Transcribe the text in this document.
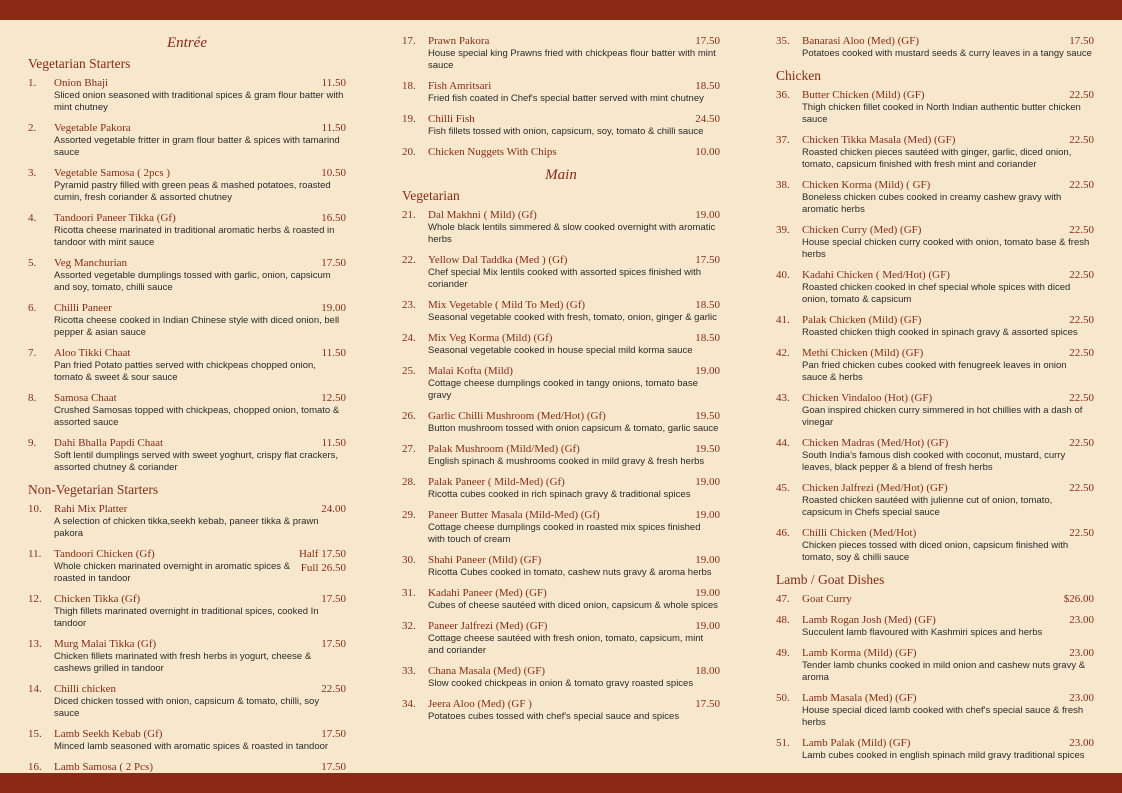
Entrée
Vegetarian Starters
1. Onion Bhaji	11.50
Sliced onion seasoned with traditional spices & gram flour batter with mint chutney
2. Vegetable Pakora	11.50
Assorted vegetable fritter in gram flour batter & spices with tamarind sauce
3. Vegetable Samosa ( 2pcs )	10.50
Pyramid pastry filled with green peas & mashed potatoes, roasted cumin, fresh coriander & assorted chutney
4. Tandoori Paneer Tikka (Gf)	16.50
Ricotta cheese marinated in traditional aromatic herbs & roasted in tandoor with mint sauce
5. Veg Manchurian	17.50
Assorted vegetable dumplings tossed with garlic, onion, capsicum and soy, tomato, chilli sauce
6. Chilli Paneer	19.00
Ricotta cheese cooked in Indian Chinese style with diced onion, bell pepper & asian sauce
7. Aloo Tikki Chaat	11.50
Pan fried Potato patties served with chickpeas chopped onion, tomato & sweet & sour sauce
8. Samosa Chaat	12.50
Crushed Samosas topped with chickpeas, chopped onion, tomato & assorted sauce
9. Dahi Bhalla Papdi Chaat	11.50
Soft lentil dumplings served with sweet yoghurt, crispy flat crackers, assorted chutney & coriander
Non-Vegetarian Starters
10. Rahi Mix Platter	24.00
A selection of chicken tikka,seekh kebab, paneer tikka & prawn pakora
11. Tandoori Chicken (Gf)	Half 17.50
Whole chicken marinated overnight in aromatic spices & roasted in tandoor
Full 26.50
12. Chicken Tikka (Gf)	17.50
Thigh fillets marinated overnight in traditional spices, cooked In tandoor
13. Murg Malai Tikka (Gf)	17.50
Chicken fillets marinated with fresh herbs in yogurt, cheese & cashews grilled in tandoor
14. Chilli chicken	22.50
Diced chicken tossed with onion, capsicum & tomato, chilli, soy sauce
15. Lamb Seekh Kebab (Gf)	17.50
Minced lamb seasoned with aromatic spices & roasted in tandoor
16. Lamb Samosa ( 2 Pcs)	17.50
17. Prawn Pakora	17.50
House special king Prawns fried with chickpeas flour batter with mint sauce
18. Fish Amritsari	18.50
Fried fish coated in Chef's special batter served with mint chutney
19. Chilli Fish	24.50
Fish fillets tossed with onion, capsicum, soy, tomato & chilli sauce
20. Chicken Nuggets With Chips	10.00
Main
Vegetarian
21. Dal Makhni ( Mild) (Gf)	19.00
Whole black lentils simmered & slow cooked overnight with aromatic herbs
22. Yellow Dal Taddka (Med ) (Gf)	17.50
Chef special Mix lentils cooked with assorted spices finished with coriander
23. Mix Vegetable ( Mild To Med) (Gf)	18.50
Seasonal vegetable cooked with fresh, tomato, onion, ginger & garlic
24. Mix Veg Korma (Mild) (Gf)	18.50
Seasonal vegetable cooked in house special mild korma sauce
25. Malai Kofta (Mild)	19.00
Cottage cheese dumplings cooked in tangy onions, tomato base gravy
26. Garlic Chilli Mushroom (Med/Hot) (Gf)	19.50
Button mushroom tossed with onion capsicum & tomato, garlic sauce
27. Palak Mushroom (Mild/Med) (Gf)	19.50
English spinach & mushrooms cooked in mild gravy & fresh herbs
28. Palak Paneer ( Mild-Med) (Gf)	19.00
Ricotta cubes cooked in rich spinach gravy & traditional spices
29. Paneer Butter Masala (Mild-Med) (Gf)	19.00
Cottage cheese dumplings cooked in roasted mix spices finished with touch of cream
30. Shahi Paneer (Mild) (GF)	19.00
Ricotta Cubes cooked in tomato, cashew nuts gravy & aroma herbs
31. Kadahi Paneer (Med) (GF)	19.00
Cubes of cheese sautéed with diced onion, capsicum & whole spices
32. Paneer Jalfrezi (Med) (GF)	19.00
Cottage cheese sautéed with fresh onion, tomato, capsicum, mint and coriander
33. Chana Masala (Med) (GF)	18.00
Slow cooked chickpeas in onion & tomato gravy roasted spices
34. Jeera Aloo (Med) (GF )	17.50
Potatoes cubes tossed with chef's special sauce and spices
35. Banarasi Aloo (Med) (GF)	17.50
Potatoes cooked with mustard seeds & curry leaves in a tangy sauce
Chicken
36. Butter Chicken (Mild) (GF)	22.50
Thigh chicken fillet cooked in North Indian authentic butter chicken sauce
37. Chicken Tikka Masala (Med) (GF)	22.50
Roasted chicken pieces sautéed with ginger, garlic, diced onion, tomato, capsicum finished with fresh mint and coriander
38. Chicken Korma (Mild) ( GF)	22.50
Boneless chicken cubes cooked in creamy cashew gravy with aromatic herbs
39. Chicken Curry (Med) (GF)	22.50
House special chicken curry cooked with onion, tomato base & fresh herbs
40. Kadahi Chicken ( Med/Hot) (GF)	22.50
Roasted chicken cooked in chef special whole spices with diced onion, tomato & capsicum
41. Palak Chicken (Mild) (GF)	22.50
Roasted chicken thigh cooked in spinach gravy & assorted spices
42. Methi Chicken (Mild) (GF)	22.50
Pan fried chicken cubes cooked with fenugreek leaves in onion sauce & herbs
43. Chicken Vindaloo (Hot) (GF)	22.50
Goan inspired chicken curry simmered in hot chillies with a dash of vinegar
44. Chicken Madras (Med/Hot) (GF)	22.50
South India's famous dish cooked with coconut, mustard, curry leaves, black pepper & a blend of fresh herbs
45. Chicken Jalfrezi (Med/Hot) (GF)	22.50
Roasted chicken sautéed with julienne cut of onion, tomato, capsicum in Chefs special sauce
46. Chilli Chicken (Med/Hot)	22.50
Chicken pieces tossed with diced onion, capsicum finished with tomato, soy & chilli sauce
Lamb / Goat Dishes
47. Goat Curry	$26.00
48. Lamb Rogan Josh (Med) (GF)	23.00
Succulent lamb flavoured with Kashmiri spices and herbs
49. Lamb Korma (Mild) (GF)	23.00
Tender lamb chunks cooked in mild onion and cashew nuts gravy & aroma
50. Lamb Masala (Med) (GF)	23.00
House special diced lamb cooked with chef's special sauce & fresh herbs
51. Lamb Palak (Mild) (GF)	23.00
Lamb cubes cooked in english spinach mild gravy traditional spices
